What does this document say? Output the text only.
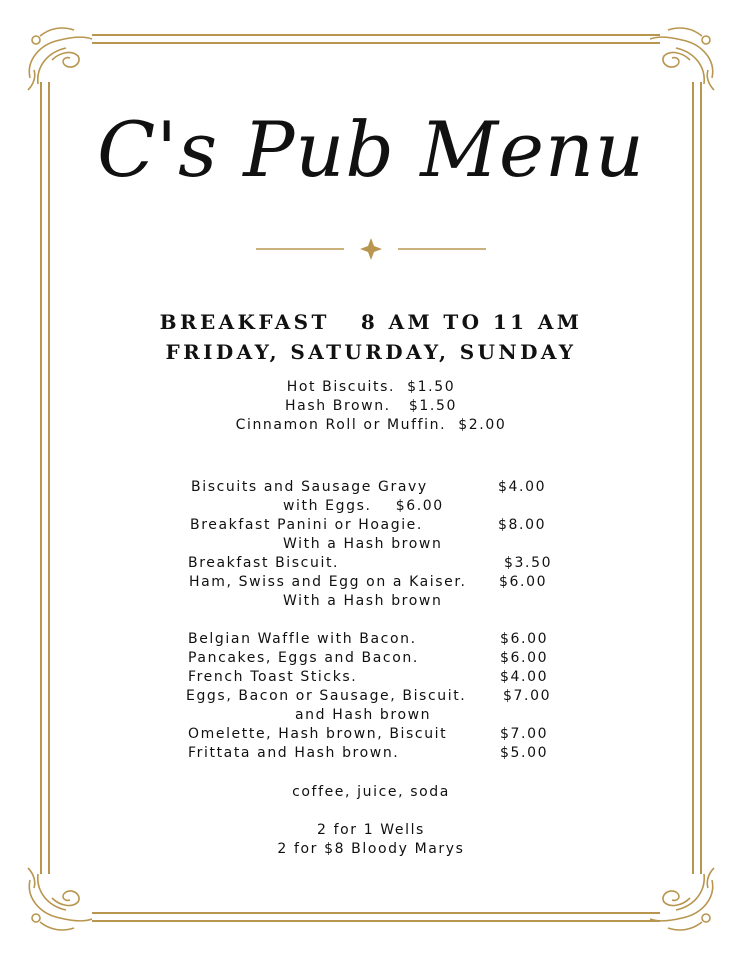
C's Pub Menu
BREAKFAST   8 AM TO 11 AM
FRIDAY, SATURDAY, SUNDAY
Hot Biscuits.  $1.50
Hash Brown.   $1.50
Cinnamon Roll or Muffin.  $2.00
Biscuits and Sausage Gravy	$4.00
with Eggs.    $6.00
Breakfast Panini or Hoagie.	$8.00
With a Hash brown
Breakfast Biscuit.	$3.50
Ham, Swiss and Egg on a Kaiser. $6.00
With a Hash brown
Belgian Waffle with Bacon.	$6.00
Pancakes, Eggs and Bacon.	$6.00
French Toast Sticks.	$4.00
Eggs, Bacon or Sausage, Biscuit.	$7.00
and Hash brown
Omelette, Hash brown, Biscuit	$7.00
Frittata and Hash brown.	$5.00
coffee, juice, soda
2 for 1 Wells
2 for $8 Bloody Marys
